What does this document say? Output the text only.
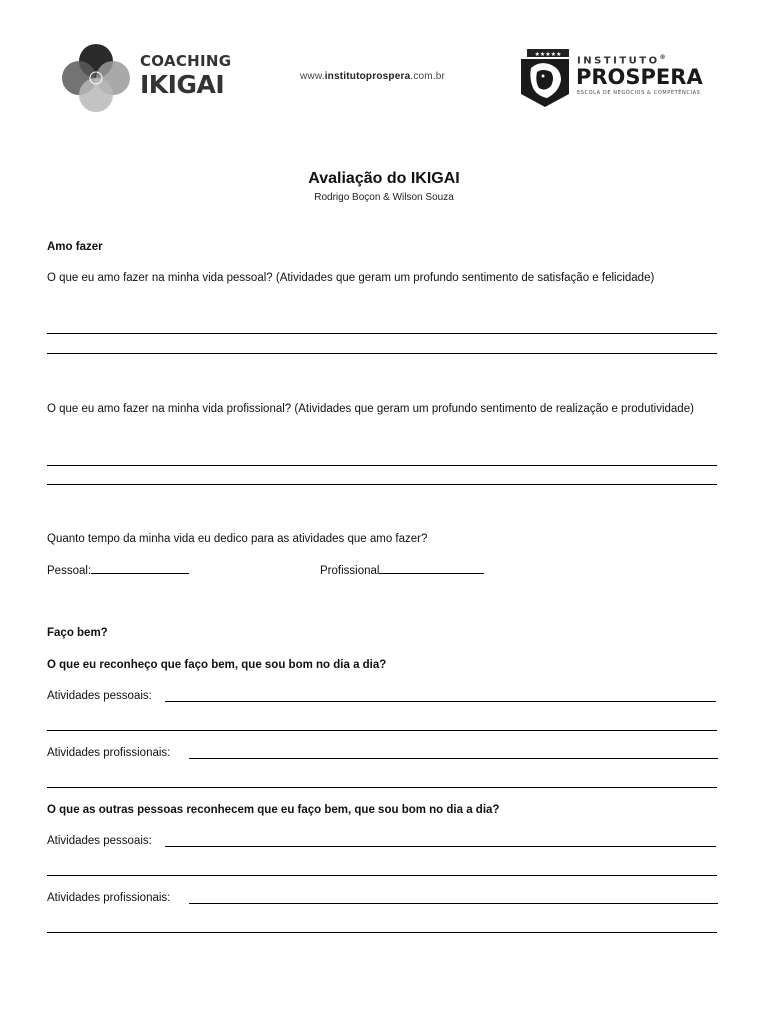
COACHING
IKIGAI	www.institutoprospera.com.br
★★★★★
INSTITUTO®
PROSPERA
ESCOLA DE NEGÓCIOS & COMPETÊNCIAS
Avaliação do IKIGAI
Rodrigo Boçon & Wilson Souza
Amo fazer
O que eu amo fazer na minha vida pessoal? (Atividades que geram um profundo sentimento de satisfação e felicidade)
O que eu amo fazer na minha vida profissional? (Atividades que geram um profundo sentimento de realização e produtividade)
Quanto tempo da minha vida eu dedico para as atividades que amo fazer?
Pessoal:	Profissional
Faço bem?
O que eu reconheço que faço bem, que sou bom no dia a dia?
Atividades pessoais:
Atividades profissionais:
O que as outras pessoas reconhecem que eu faço bem, que sou bom no dia a dia?
Atividades pessoais:
Atividades profissionais:
